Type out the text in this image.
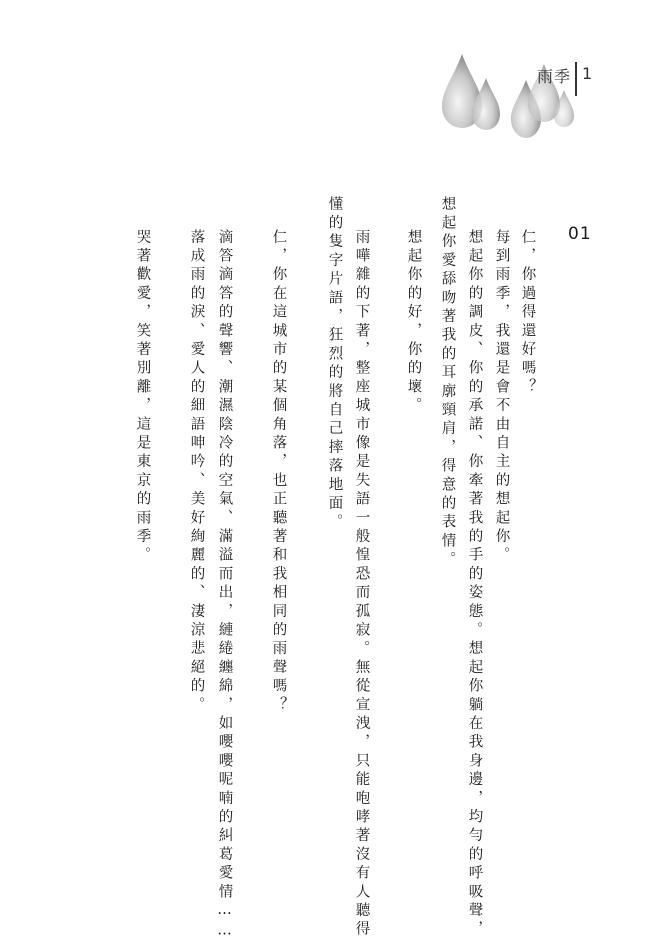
雨季 1
01
仁，你過得還好嗎？
每到雨季，我還是會不由自主的想起你。
想起你的調皮、你的承諾、你牽著我的手的姿態。想起你躺在我身邊，均勻的呼吸聲，
想起你愛舔吻著我的耳廓頸肩，得意的表情。
想起你的好，你的壞。
雨嘩雜的下著，整座城市像是失語一般惶恐而孤寂。無從宣洩，只能咆哮著沒有人聽得
懂的隻字片語，狂烈的將自己摔落地面。
仁，你在這城市的某個角落，也正聽著和我相同的雨聲嗎？
滴答滴答的聲響、潮濕陰冷的空氣、滿溢而出，縺綣纏綿，如嚶嚶呢喃的糾葛愛情……
落成雨的淚、愛人的細語呻吟、美好絢麗的、淒涼悲絕的。
哭著歡愛，笑著別離，這是東京的雨季。
